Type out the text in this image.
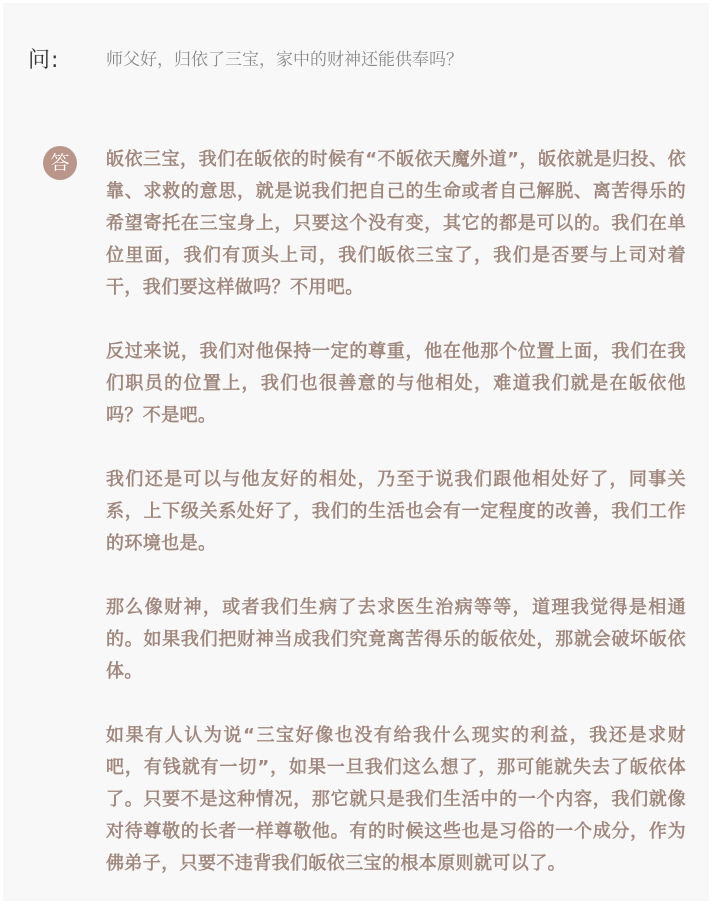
问:	师父好，归依了三宝，家中的财神还能供奉吗？
答	皈依三宝，我们在皈依的时候有“不皈依天魔外道”，皈依就是归投、依靠、求救的意思，就是说我们把自己的生命或者自己解脱、离苦得乐的希望寄托在三宝身上，只要这个没有变，其它的都是可以的。我们在单位里面，我们有顶头上司，我们皈依三宝了，我们是否要与上司对着干，我们要这样做吗？不用吧。

反过来说，我们对他保持一定的尊重，他在他那个位置上面，我们在我们职员的位置上，我们也很善意的与他相处，难道我们就是在皈依他吗？不是吧。

我们还是可以与他友好的相处，乃至于说我们跟他相处好了，同事关系，上下级关系处好了，我们的生活也会有一定程度的改善，我们工作的环境也是。

那么像财神，或者我们生病了去求医生治病等等，道理我觉得是相通的。如果我们把财神当成我们究竟离苦得乐的皈依处，那就会破坏皈依体。

如果有人认为说“三宝好像也没有给我什么现实的利益，我还是求财吧，有钱就有一切”，如果一旦我们这么想了，那可能就失去了皈依体了。只要不是这种情况，那它就只是我们生活中的一个内容，我们就像对待尊敬的长者一样尊敬他。有的时候这些也是习俗的一个成分，作为佛弟子，只要不违背我们皈依三宝的根本原则就可以了。
